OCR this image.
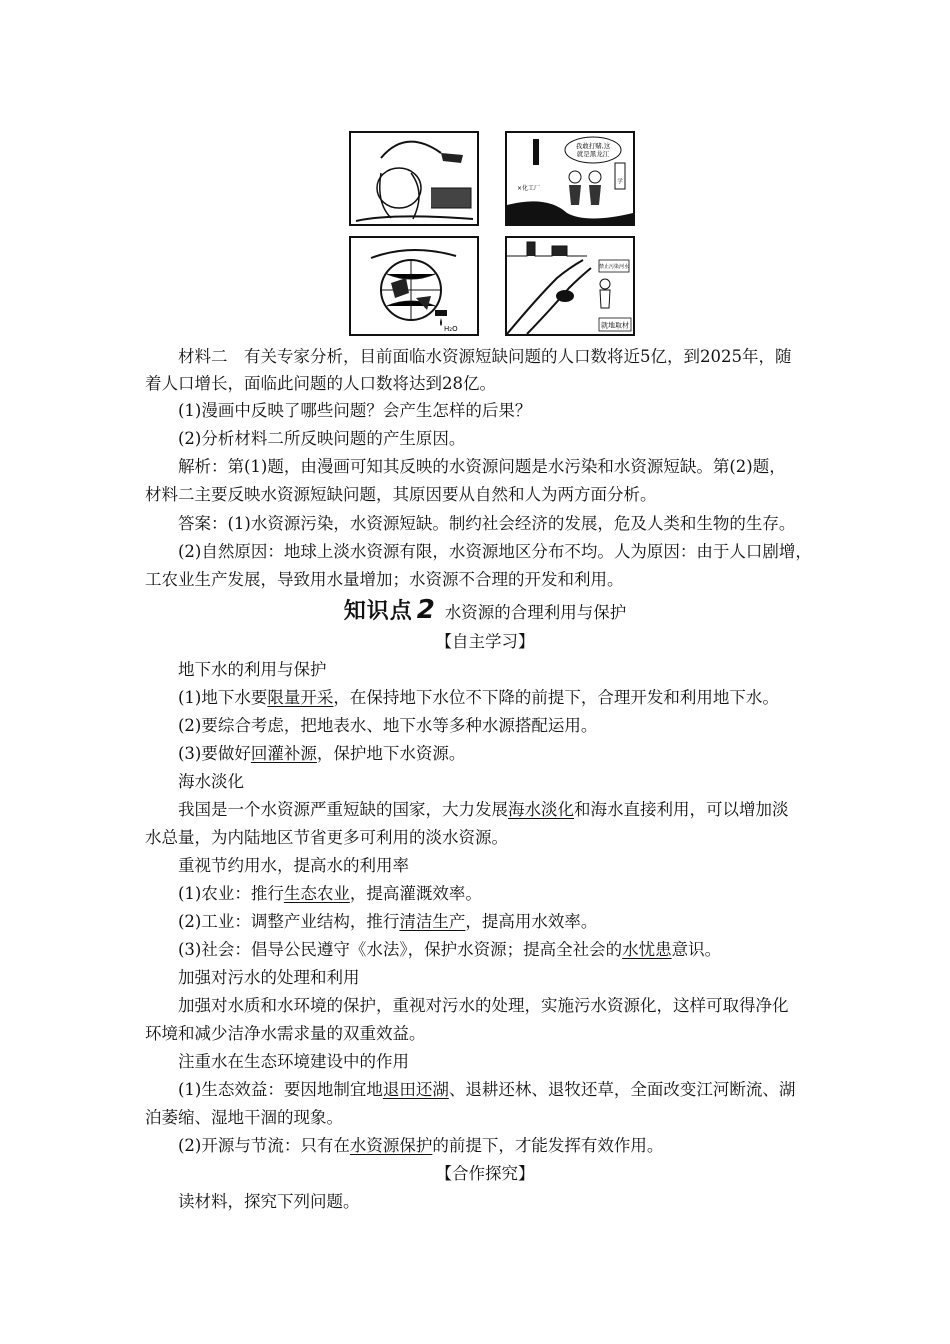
我敢打赌,这
就是黑龙江
×化工厂
学
H₂O
禁止污染河水
就地取材
材料二　有关专家分析，目前面临水资源短缺问题的人口数将近5亿，到2025年，随
着人口增长，面临此问题的人口数将达到28亿。
(1)漫画中反映了哪些问题？会产生怎样的后果？
(2)分析材料二所反映问题的产生原因。
解析：第(1)题，由漫画可知其反映的水资源问题是水污染和水资源短缺。第(2)题，
材料二主要反映水资源短缺问题，其原因要从自然和人为两方面分析。
答案：(1)水资源污染，水资源短缺。制约社会经济的发展，危及人类和生物的生存。
(2)自然原因：地球上淡水资源有限，水资源地区分布不均。人为原因：由于人口剧增，
工农业生产发展，导致用水量增加；水资源不合理的开发和利用。
知识点 2 水资源的合理利用与保护
【自主学习】
地下水的利用与保护
(1)地下水要限量开采，在保持地下水位不下降的前提下，合理开发和利用地下水。
(2)要综合考虑，把地表水、地下水等多种水源搭配运用。
(3)要做好回灌补源，保护地下水资源。
海水淡化
我国是一个水资源严重短缺的国家，大力发展海水淡化和海水直接利用，可以增加淡
水总量，为内陆地区节省更多可利用的淡水资源。
重视节约用水，提高水的利用率
(1)农业：推行生态农业，提高灌溉效率。
(2)工业：调整产业结构，推行清洁生产，提高用水效率。
(3)社会：倡导公民遵守《水法》，保护水资源；提高全社会的水忧患意识。
加强对污水的处理和利用
加强对水质和水环境的保护，重视对污水的处理，实施污水资源化，这样可取得净化
环境和减少洁净水需求量的双重效益。
注重水在生态环境建设中的作用
(1)生态效益：要因地制宜地退田还湖、退耕还林、退牧还草，全面改变江河断流、湖
泊萎缩、湿地干涸的现象。
(2)开源与节流：只有在水资源保护的前提下，才能发挥有效作用。
【合作探究】
读材料，探究下列问题。
